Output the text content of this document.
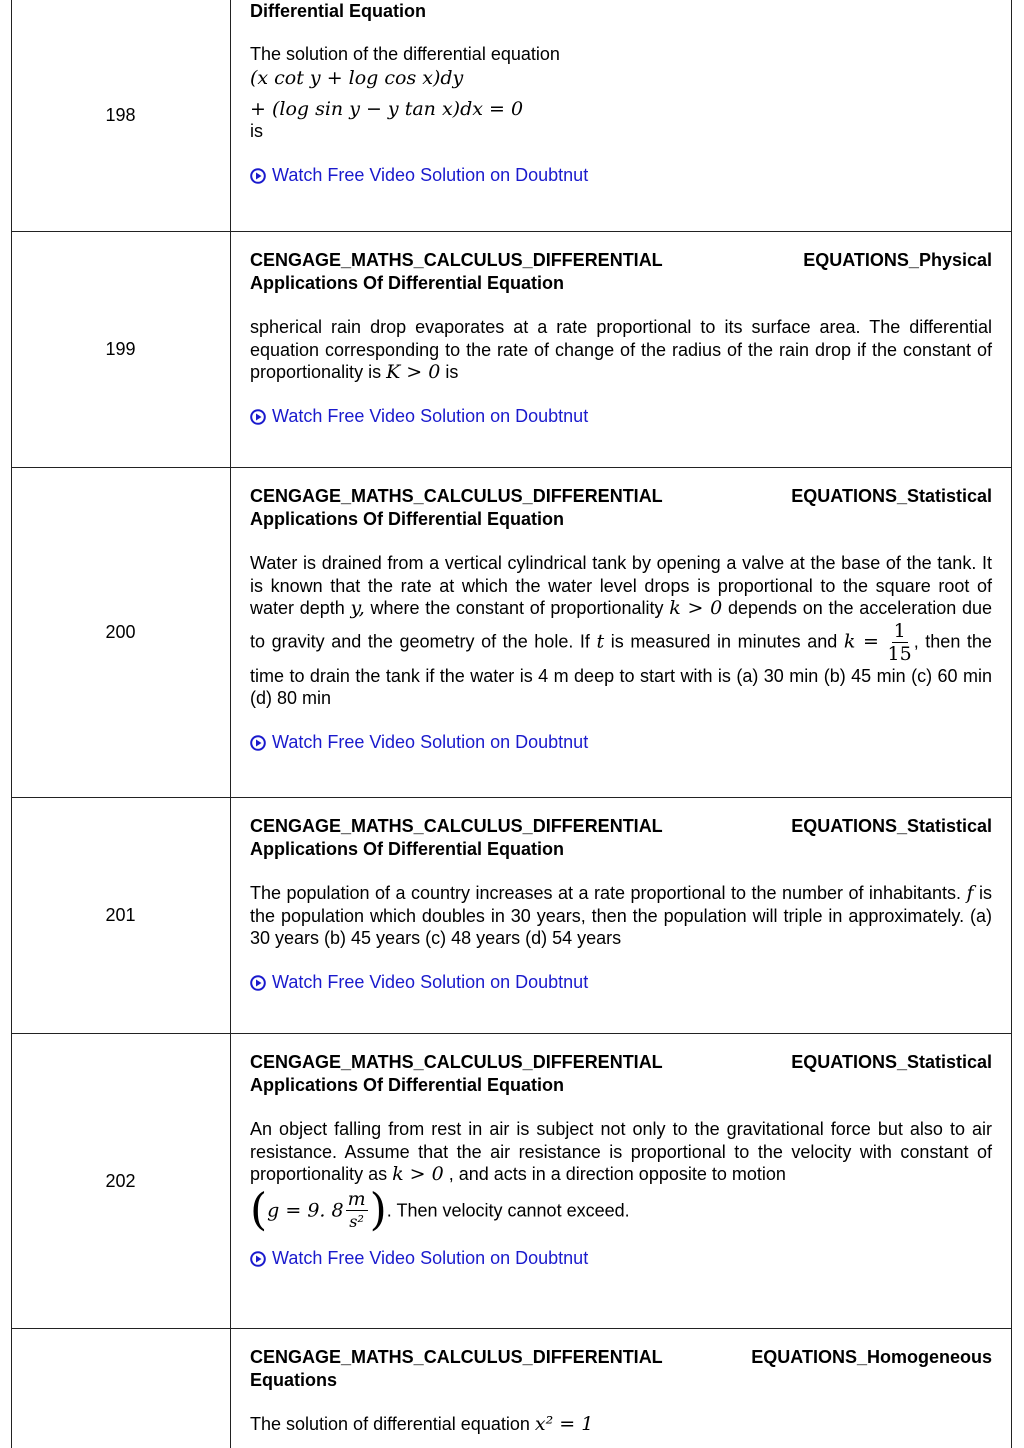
198
Differential Equation
The solution of the differential equation
(x cot y + log cos x)dy
+ (log sin y − y tan x)dx = 0
is
Watch Free Video Solution on Doubtnut
199
CENGAGE_MATHS_CALCULUS_DIFFERENTIAL	EQUATIONS_Physical
Applications Of Differential Equation
spherical rain drop evaporates at a rate proportional to its surface area. The differential equation corresponding to the rate of change of the radius of the rain drop if the constant of proportionality is K > 0 is
Watch Free Video Solution on Doubtnut
200
CENGAGE_MATHS_CALCULUS_DIFFERENTIAL	EQUATIONS_Statistical
Applications Of Differential Equation
Water is drained from a vertical cylindrical tank by opening a valve at the base of the tank. It is known that the rate at which the water level drops is proportional to the square root of water depth y, where the constant of proportionality k > 0 depends on the acceleration due to gravity and the geometry of the hole. If t is measured in minutes and $k = \frac{1}{15}$ , then the time to drain the tank if the water is 4 m deep to start with is (a) 30 min (b) 45 min (c) 60 min (d) 80 min
Watch Free Video Solution on Doubtnut
201
CENGAGE_MATHS_CALCULUS_DIFFERENTIAL	EQUATIONS_Statistical
Applications Of Differential Equation
The population of a country increases at a rate proportional to the number of inhabitants. f is the population which doubles in 30 years, then the population will triple in approximately. (a) 30 years (b) 45 years (c) 48 years (d) 54 years
Watch Free Video Solution on Doubtnut
202
CENGAGE_MATHS_CALCULUS_DIFFERENTIAL	EQUATIONS_Statistical
Applications Of Differential Equation
An object falling from rest in air is subject not only to the gravitational force but also to air resistance. Assume that the air resistance is proportional to the velocity with constant of proportionality as k > 0 , and acts in a direction opposite to motion
(g = 9. $8 \frac{m}{\text{s²}}$ ). Then velocity cannot exceed.
Watch Free Video Solution on Doubtnut
CENGAGE_MATHS_CALCULUS_DIFFERENTIAL	EQUATIONS_Homogeneous
Equations
The solution of differential equation x² = 1
